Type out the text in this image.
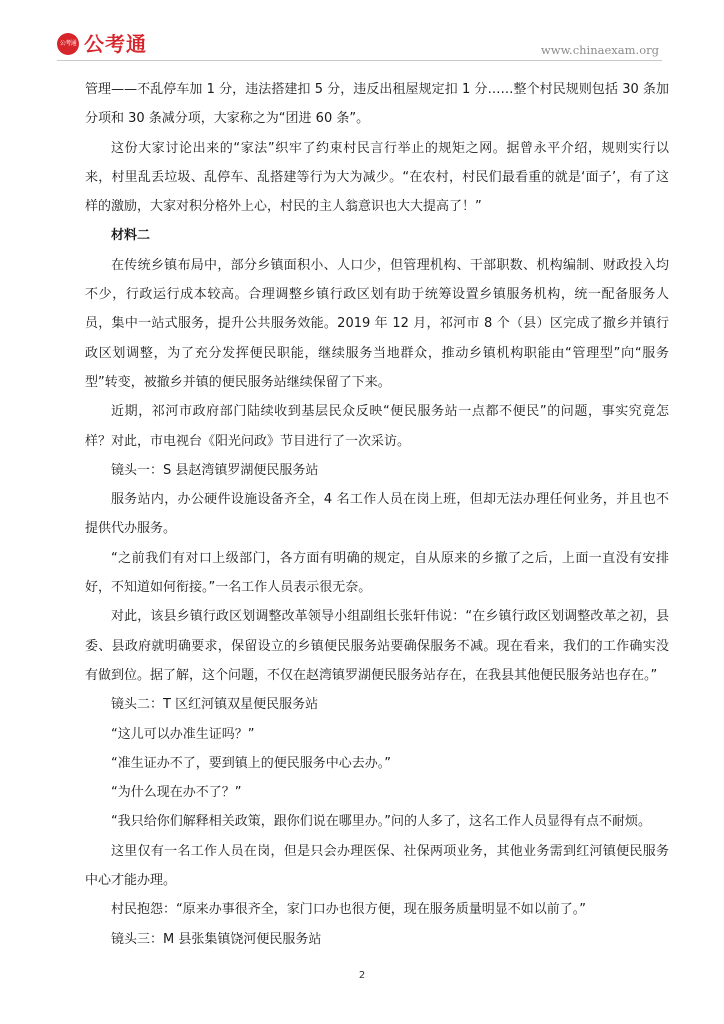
公考通 公考通	www.chinaexam.org

管理——不乱停车加 1 分，违法搭建扣 5 分，违反出租屋规定扣 1 分……整个村民规则包括 30 条加分项和 30 条减分项，大家称之为“团进 60 条”。

这份大家讨论出来的“家法”织牢了约束村民言行举止的规矩之网。据曾永平介绍，规则实行以来，村里乱丢垃圾、乱停车、乱搭建等行为大为减少。“在农村，村民们最看重的就是‘面子’，有了这样的激励，大家对积分格外上心，村民的主人翁意识也大大提高了！”

材料二

在传统乡镇布局中，部分乡镇面积小、人口少，但管理机构、干部职数、机构编制、财政投入均不少，行政运行成本较高。合理调整乡镇行政区划有助于统筹设置乡镇服务机构，统一配备服务人员，集中一站式服务，提升公共服务效能。2019 年 12 月，祁河市 8 个（县）区完成了撤乡并镇行政区划调整，为了充分发挥便民职能，继续服务当地群众，推动乡镇机构职能由“管理型”向“服务型”转变，被撤乡并镇的便民服务站继续保留了下来。

近期，祁河市政府部门陆续收到基层民众反映“便民服务站一点都不便民”的问题，事实究竟怎样？对此，市电视台《阳光问政》节目进行了一次采访。

镜头一：S 县赵湾镇罗湖便民服务站

服务站内，办公硬件设施设备齐全，4 名工作人员在岗上班，但却无法办理任何业务，并且也不提供代办服务。

“之前我们有对口上级部门，各方面有明确的规定，自从原来的乡撤了之后，上面一直没有安排好，不知道如何衔接。”一名工作人员表示很无奈。

对此，该县乡镇行政区划调整改革领导小组副组长张轩伟说：“在乡镇行政区划调整改革之初，县委、县政府就明确要求，保留设立的乡镇便民服务站要确保服务不减。现在看来，我们的工作确实没有做到位。据了解，这个问题，不仅在赵湾镇罗湖便民服务站存在，在我县其他便民服务站也存在。”

镜头二：T 区红河镇双星便民服务站

“这儿可以办准生证吗？”

“准生证办不了，要到镇上的便民服务中心去办。”

“为什么现在办不了？”

“我只给你们解释相关政策，跟你们说在哪里办。”问的人多了，这名工作人员显得有点不耐烦。

这里仅有一名工作人员在岗，但是只会办理医保、社保两项业务，其他业务需到红河镇便民服务中心才能办理。

村民抱怨：“原来办事很齐全，家门口办也很方便，现在服务质量明显不如以前了。”

镜头三：M 县张集镇饶河便民服务站

2
